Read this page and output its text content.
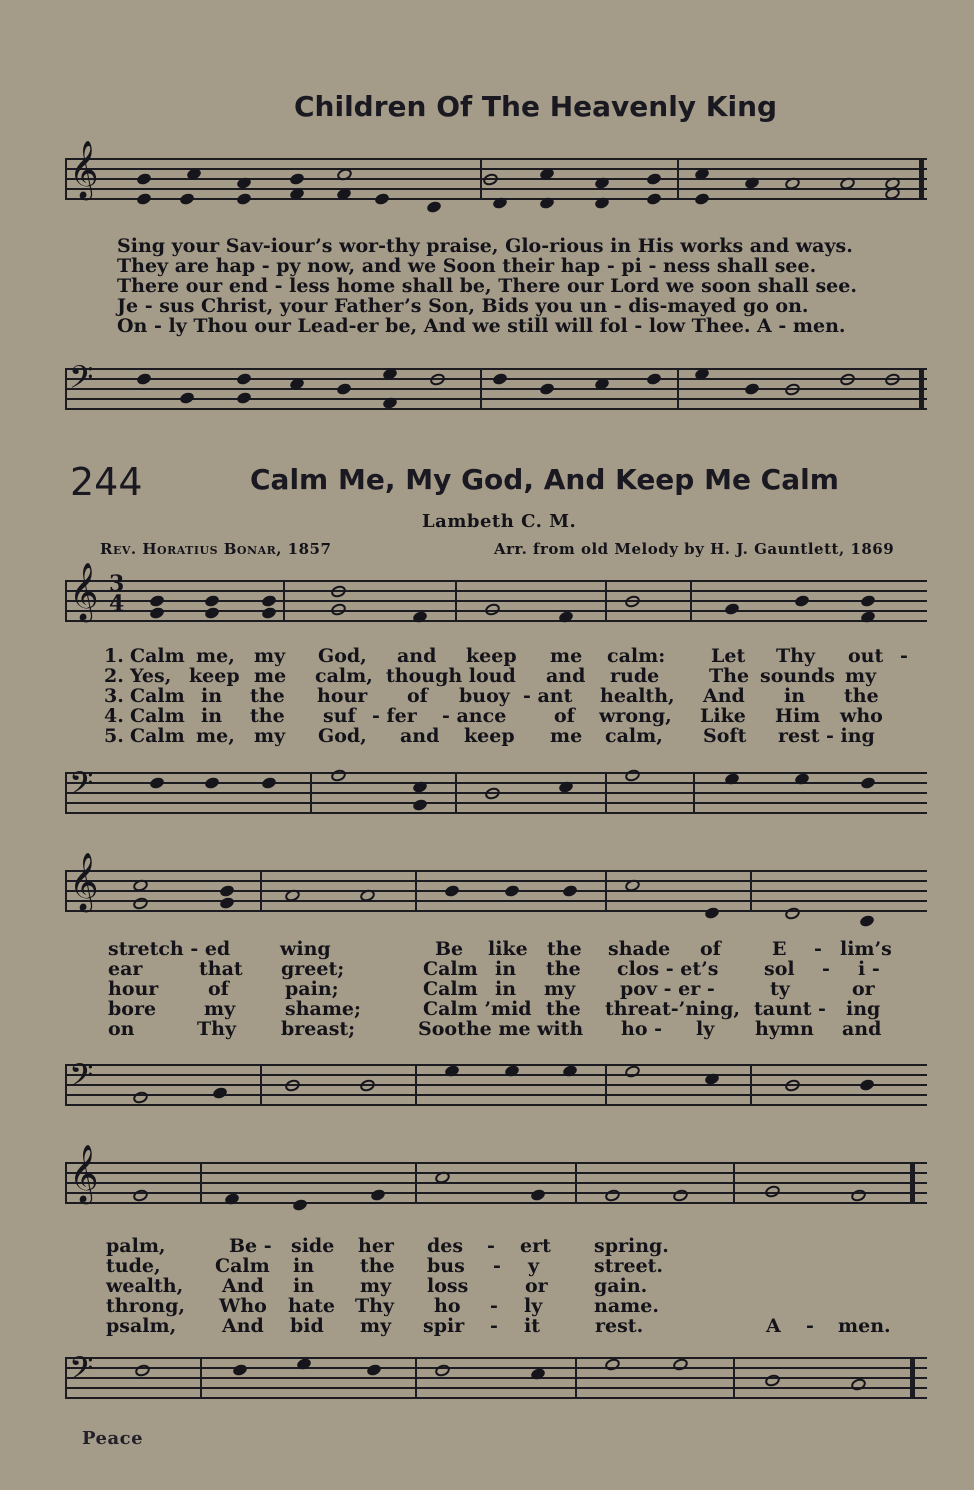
Children Of The Heavenly King
𝄞
Sing your Sav-iour’s wor-thy praise, Glo-rious in His works and ways.
They are hap - py now, and we Soon their hap - pi - ness shall see.
There our end - less home shall be, There our Lord we soon shall see.
Je - sus Christ, your Father’s Son, Bids you un - dis-mayed go on.
On - ly Thou our Lead-er be, And we still will fol - low Thee. A - men.
𝄢
244	Calm Me, My God, And Keep Me Calm
Lambeth C. M.
Rev. Horatius Bonar, 1857	Arr. from old Melody by H. J. Gauntlett, 1869
𝄞 3
4
1. Calm me, my God, and keep me calm: Let Thy out -
2. Yes, keep me calm, though loud and rude	The sounds my
3. Calm in the hour of buoy - ant health, And in the
4. Calm in the suf - fer - ance	of wrong, Like Him who
5. Calm me, my God, and keep me calm, Soft rest - ing
𝄢
𝄞
stretch - ed	wing	Be like the shade of	E - lim’s
ear	that greet;	Calm in the clos - et’s sol - i -
hour	of	pain;	Calm in my pov - er -	ty	or
bore	my	shame;	Calm ’mid the threat-’ning, taunt - ing
on	Thy breast;	Soothe me with ho - ly hymn and
𝄢
𝄞
palm,	Be - side her des - ert spring.
tude,	Calm in the bus - y	street.
wealth, And in my loss	or gain.
throng, Who hate Thy ho - ly	name.
psalm, And bid my spir - it	rest.	A - men.
𝄢
Peace
